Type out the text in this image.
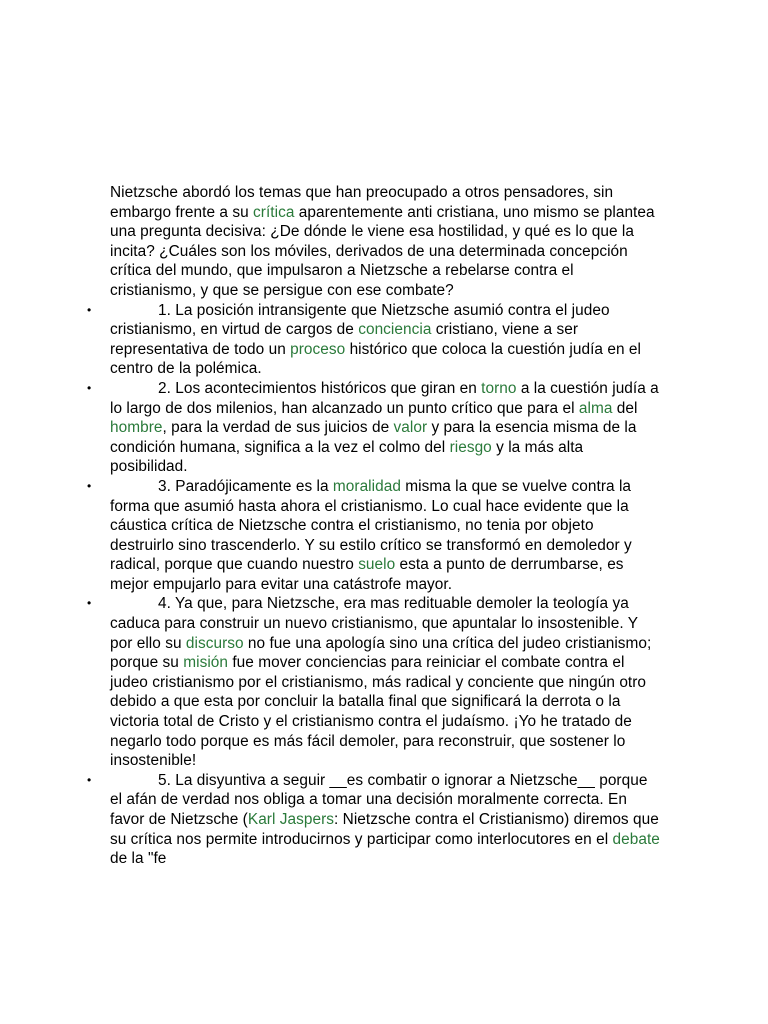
Nietzsche abordó los temas que han preocupado a otros pensadores, sin embargo frente a su crítica aparentemente anti cristiana, uno mismo se plantea una pregunta decisiva: ¿De dónde le viene esa hostilidad, y qué es lo que la incita? ¿Cuáles son los móviles, derivados de una determinada concepción crítica del mundo, que impulsaron a Nietzsche a rebelarse contra el cristianismo, y que se persigue con ese combate?

•	1. La posición intransigente que Nietzsche asumió contra el judeo cristianismo, en virtud de cargos de conciencia cristiano, viene a ser representativa de todo un proceso histórico que coloca la cuestión judía en el centro de la polémica.
•	2. Los acontecimientos históricos que giran en torno a la cuestión judía a lo largo de dos milenios, han alcanzado un punto crítico que para el alma del hombre, para la verdad de sus juicios de valor y para la esencia misma de la condición humana, significa a la vez el colmo del riesgo y la más alta posibilidad.
•	3. Paradójicamente es la moralidad misma la que se vuelve contra la forma que asumió hasta ahora el cristianismo. Lo cual hace evidente que la cáustica crítica de Nietzsche contra el cristianismo, no tenia por objeto destruirlo sino trascenderlo. Y su estilo crítico se transformó en demoledor y radical, porque que cuando nuestro suelo esta a punto de derrumbarse, es mejor empujarlo para evitar una catástrofe mayor.
•	4. Ya que, para Nietzsche, era mas redituable demoler la teología ya caduca para construir un nuevo cristianismo, que apuntalar lo insostenible. Y por ello su discurso no fue una apología sino una crítica del judeo cristianismo; porque su misión fue mover conciencias para reiniciar el combate contra el judeo cristianismo por el cristianismo, más radical y conciente que ningún otro debido a que esta por concluir la batalla final que significará la derrota o la victoria total de Cristo y el cristianismo contra el judaísmo. ¡Yo he tratado de negarlo todo porque es más fácil demoler, para reconstruir, que sostener lo insostenible!
•	5. La disyuntiva a seguir __es combatir o ignorar a Nietzsche__ porque el afán de verdad nos obliga a tomar una decisión moralmente correcta. En favor de Nietzsche (Karl Jaspers: Nietzsche contra el Cristianismo) diremos que su crítica nos permite introducirnos y participar como interlocutores en el debate de la "fe
